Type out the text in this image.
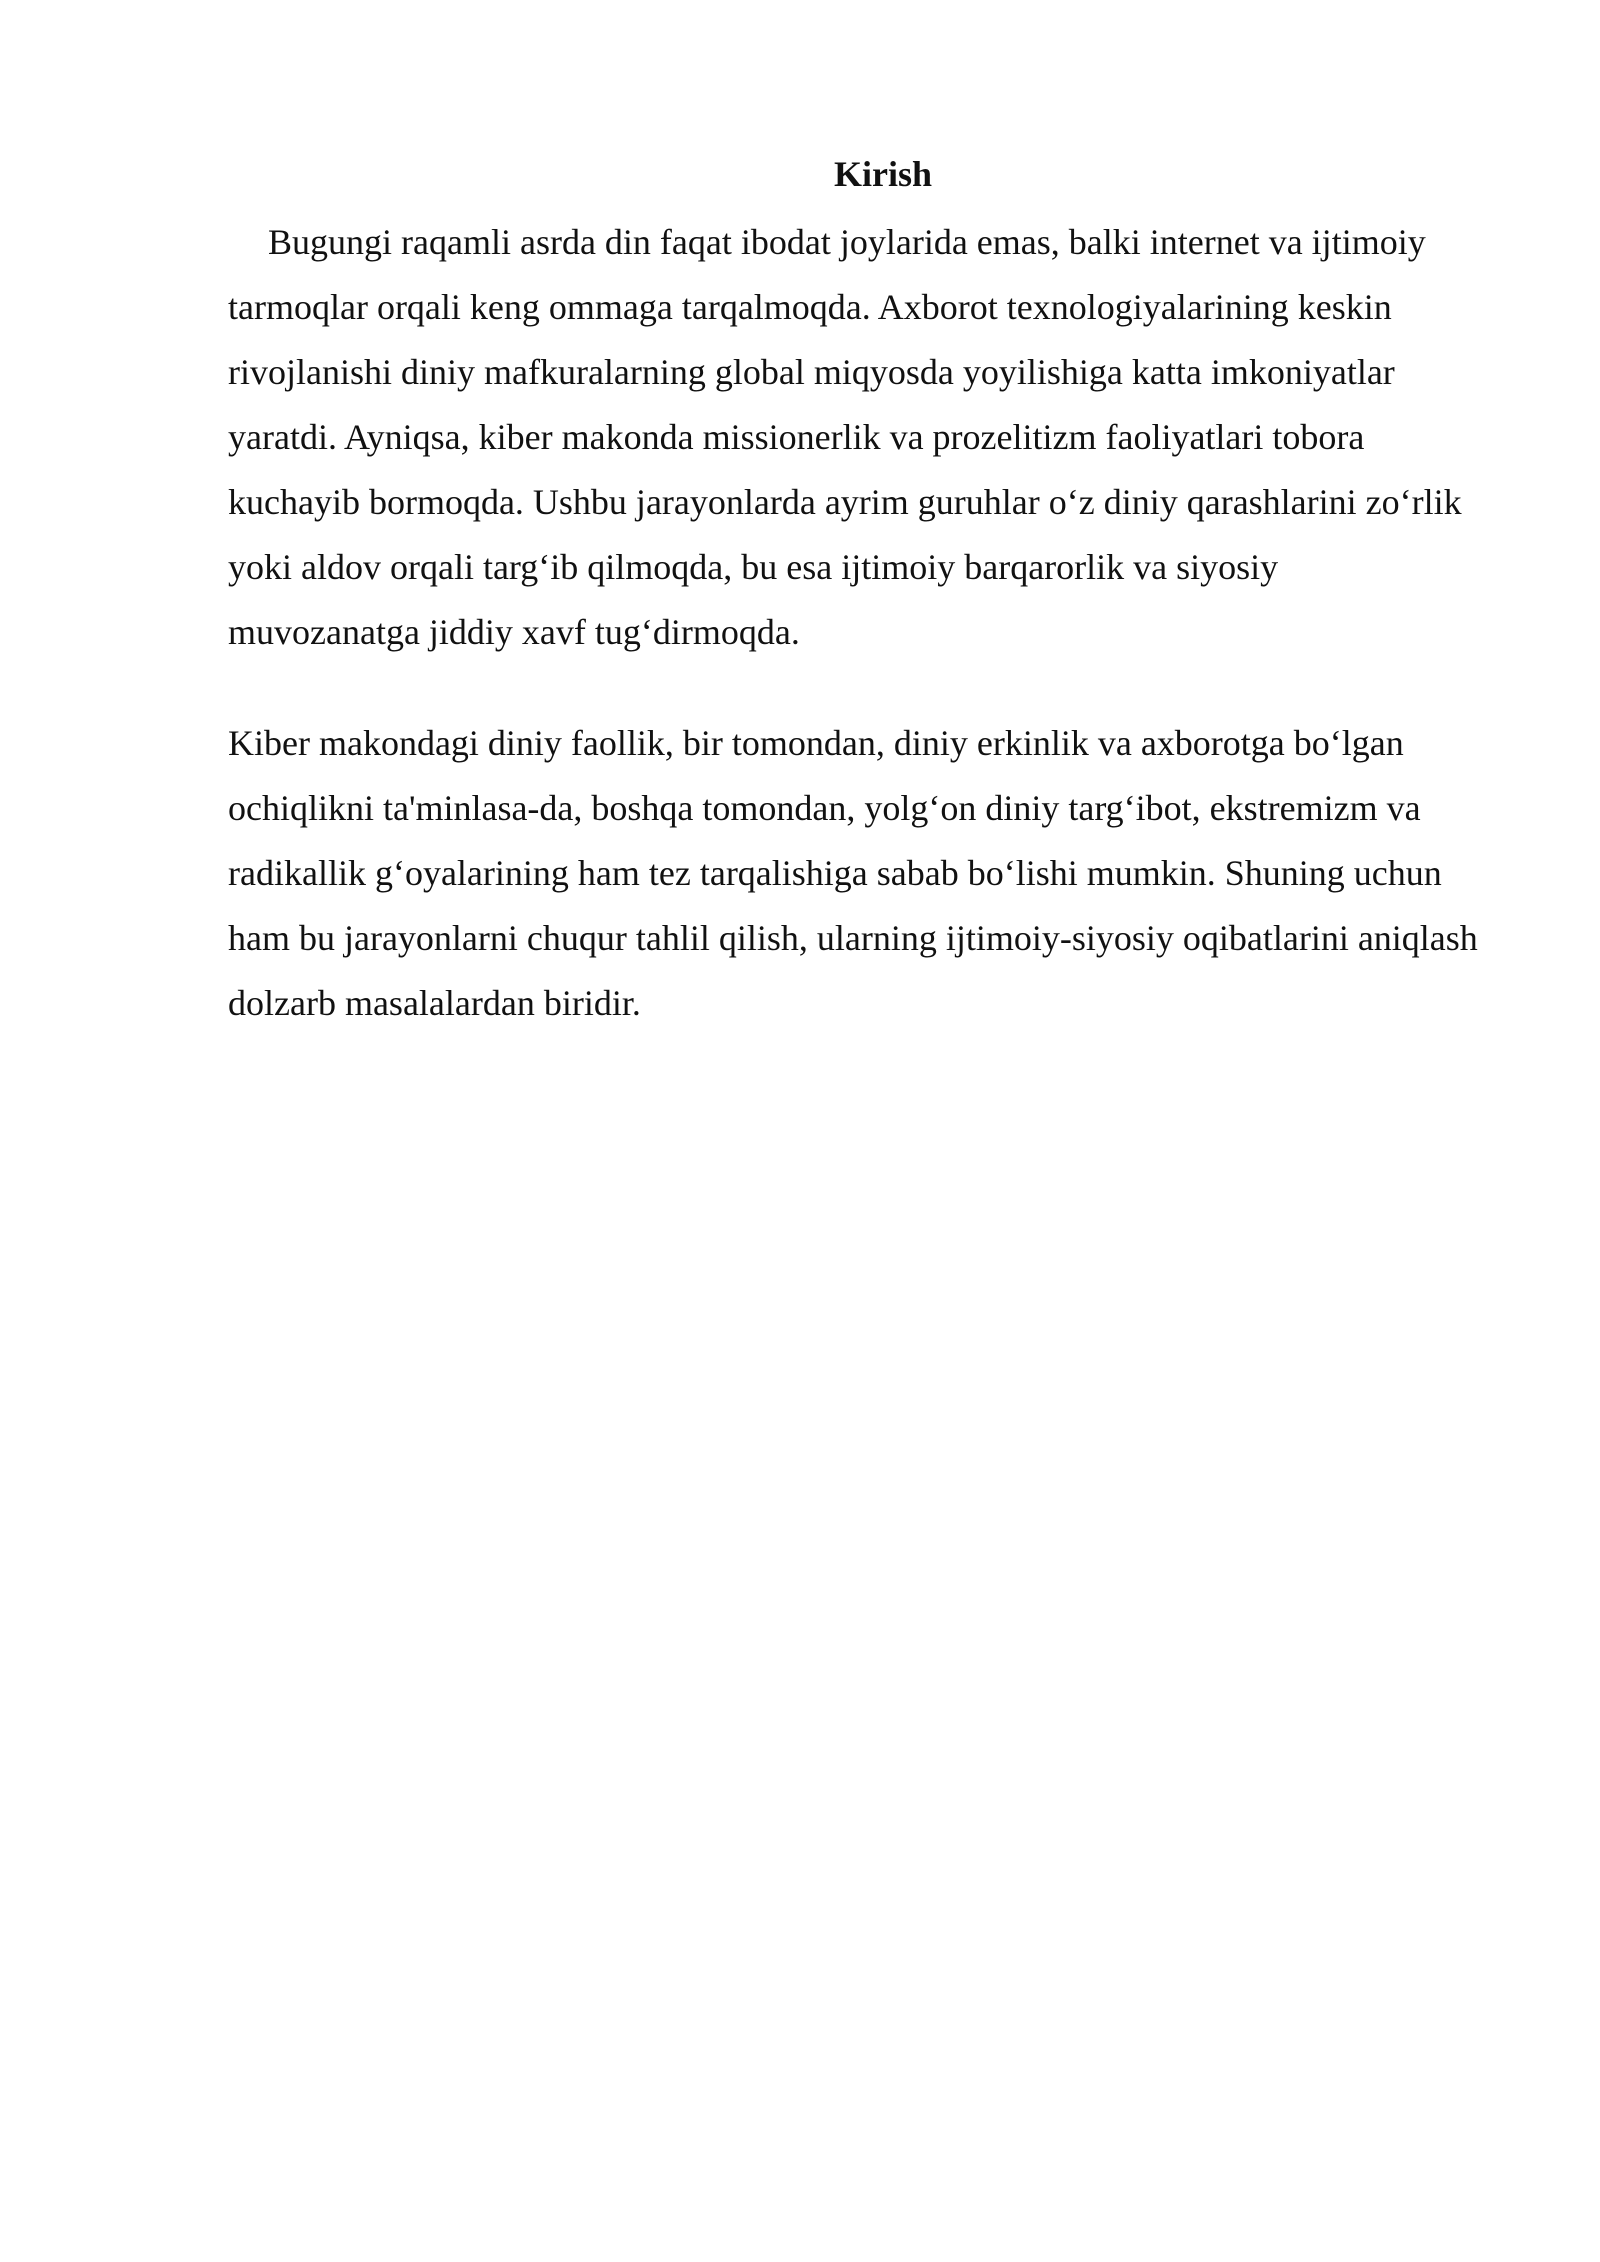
Kirish

Bugungi raqamli asrda din faqat ibodat joylarida emas, balki internet va ijtimoiy tarmoqlar orqali keng ommaga tarqalmoqda. Axborot texnologiyalarining keskin rivojlanishi diniy mafkuralarning global miqyosda yoyilishiga katta imkoniyatlar yaratdi. Ayniqsa, kiber makonda missionerlik va prozelitizm faoliyatlari tobora kuchayib bormoqda. Ushbu jarayonlarda ayrim guruhlar o‘z diniy qarashlarini zo‘rlik yoki aldov orqali targ‘ib qilmoqda, bu esa ijtimoiy barqarorlik va siyosiy muvozanatga jiddiy xavf tug‘dirmoqda.

Kiber makondagi diniy faollik, bir tomondan, diniy erkinlik va axborotga bo‘lgan ochiqlikni ta'minlasa-da, boshqa tomondan, yolg‘on diniy targ‘ibot, ekstremizm va radikallik g‘oyalarining ham tez tarqalishiga sabab bo‘lishi mumkin. Shuning uchun ham bu jarayonlarni chuqur tahlil qilish, ularning ijtimoiy-siyosiy oqibatlarini aniqlash dolzarb masalalardan biridir.
